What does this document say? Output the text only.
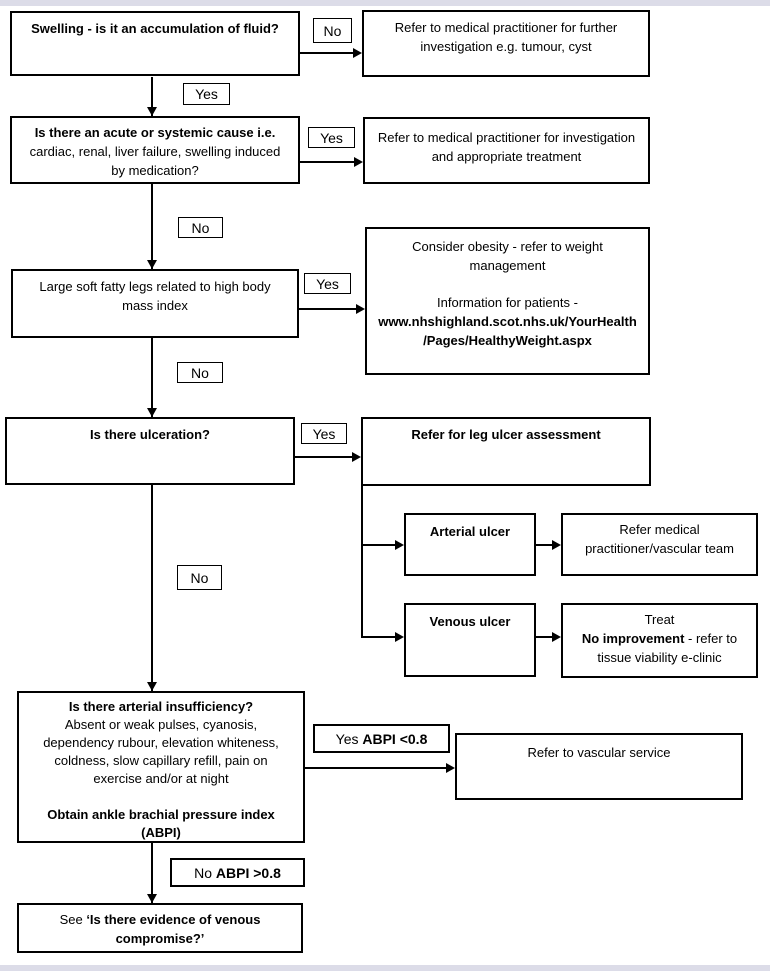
Swelling - is it an accumulation of fluid?	No	Refer to medical practitioner for further
investigation e.g. tumour, cyst
Yes
Is there an acute or systemic cause i.e.
cardiac, renal, liver failure, swelling induced
by medication?
Yes	Refer to medical practitioner for investigation
and appropriate treatment
No
Large soft fatty legs related to high body
mass index
Yes
Consider obesity - refer to weight
management
Information for patients -
www.nhshighland.scot.nhs.uk/YourHealth
/Pages/HealthyWeight.aspx
No
Is there ulceration?	Yes	Refer for leg ulcer assessment
Arterial ulcer	Refer medical
practitioner/vascular team
Venous ulcer	Treat
No improvement - refer to
tissue viability e-clinic
No
Is there arterial insufficiency?
Absent or weak pulses, cyanosis,
dependency rubour, elevation whiteness,
coldness, slow capillary refill, pain on
exercise and/or at night
Obtain ankle brachial pressure index
(ABPI)
Yes ABPI <0.8
Refer to vascular service
No ABPI >0.8
See ‘Is there evidence of venous
compromise?’
